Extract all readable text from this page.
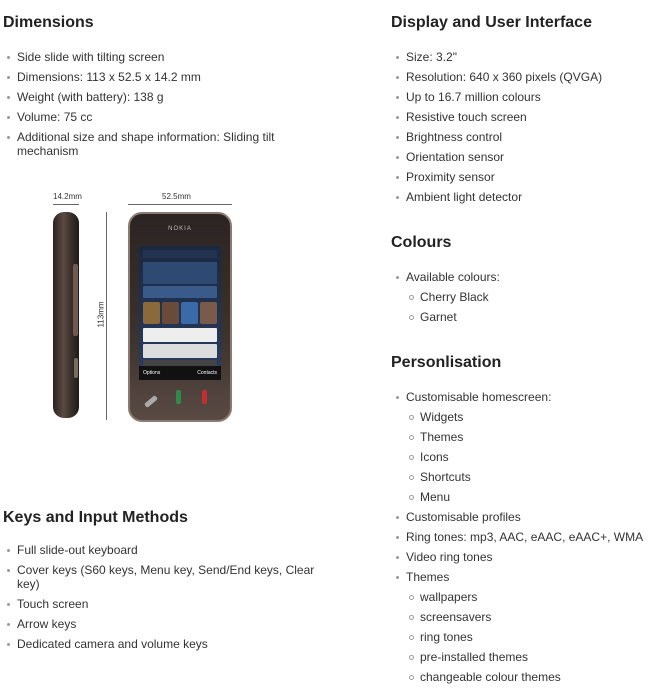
Dimensions
Side slide with tilting screen
Dimensions: 113 x 52.5 x 14.2 mm
Weight (with battery): 138 g
Volume: 75 cc
Additional size and shape information: Sliding tilt mechanism
14.2mm	52.5mm
113mm
NOKIA
Options	Contacts
Keys and Input Methods
Full slide-out keyboard
Cover keys (S60 keys, Menu key, Send/End keys, Clear key)
Touch screen
Arrow keys
Dedicated camera and volume keys
Display and User Interface
Size: 3.2"
Resolution: 640 x 360 pixels (QVGA)
Up to 16.7 million colours
Resistive touch screen
Brightness control
Orientation sensor
Proximity sensor
Ambient light detector
Colours
Available colours:
Cherry Black
Garnet
Personlisation
Customisable homescreen:
Widgets
Themes
Icons
Shortcuts
Menu
Customisable profiles
Ring tones: mp3, AAC, eAAC, eAAC+, WMA
Video ring tones
Themes
wallpapers
screensavers
ring tones
pre-installed themes
changeable colour themes
